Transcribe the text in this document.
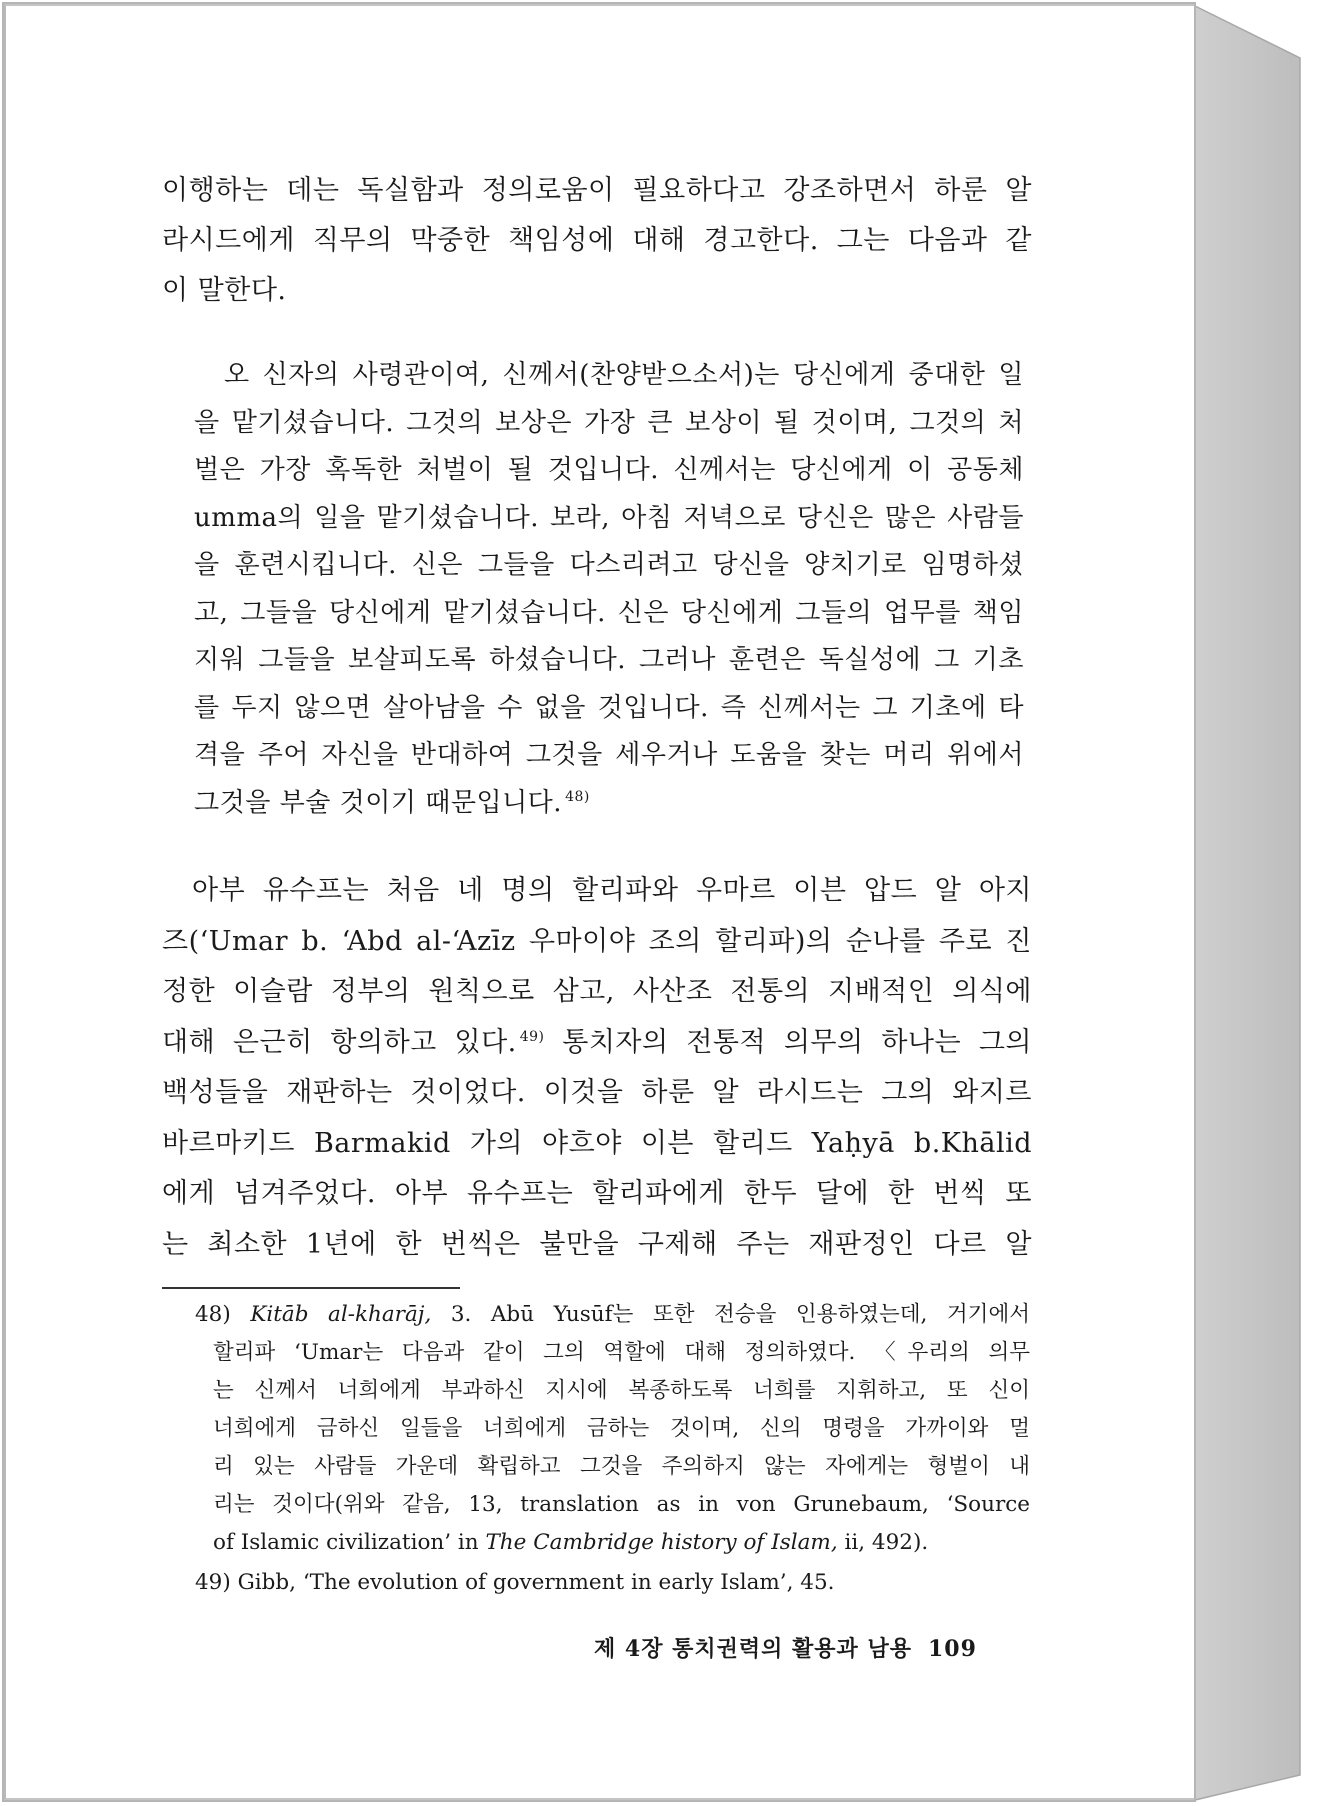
이행하는 데는 독실함과 정의로움이 필요하다고 강조하면서 하룬 알
라시드에게 직무의 막중한 책임성에 대해 경고한다. 그는 다음과 같
이 말한다.

오 신자의 사령관이여, 신께서(찬양받으소서)는 당신에게 중대한 일
을 맡기셨습니다. 그것의 보상은 가장 큰 보상이 될 것이며, 그것의 처
벌은 가장 혹독한 처벌이 될 것입니다. 신께서는 당신에게 이 공동체
umma의 일을 맡기셨습니다. 보라, 아침 저녁으로 당신은 많은 사람들
을 훈련시킵니다. 신은 그들을 다스리려고 당신을 양치기로 임명하셨
고, 그들을 당신에게 맡기셨습니다. 신은 당신에게 그들의 업무를 책임
지워 그들을 보살피도록 하셨습니다. 그러나 훈련은 독실성에 그 기초
를 두지 않으면 살아남을 수 없을 것입니다. 즉 신께서는 그 기초에 타
격을 주어 자신을 반대하여 그것을 세우거나 도움을 찾는 머리 위에서
그것을 부술 것이기 때문입니다. $^{48)}$

아부 유수프는 처음 네 명의 할리파와 우마르 이븐 압드 알 아지
즈(‘Umar b. ‘Abd al-‘Azīz 우마이야 조의 할리파)의 순나를 주로 진
정한 이슬람 정부의 원칙으로 삼고, 사산조 전통의 지배적인 의식에
대해 은근히 항의하고 있다. $^{49)}$ 통치자의 전통적 의무의 하나는 그의
백성들을 재판하는 것이었다. 이것을 하룬 알 라시드는 그의 와지르
바르마키드 Barmakid 가의 야흐야 이븐 할리드 Yaḥyā b.Khālid
에게 넘겨주었다. 아부 유수프는 할리파에게 한두 달에 한 번씩 또
는 최소한 1년에 한 번씩은 불만을 구제해 주는 재판정인 다르 알

48) Kitāb al-kharāj, 3. Abū Yusūf는 또한 전승을 인용하였는데, 거기에서
할리파 ‘Umar는 다음과 같이 그의 역할에 대해 정의하였다. 〈우리의 의무
는 신께서 너희에게 부과하신 지시에 복종하도록 너희를 지휘하고, 또 신이
너희에게 금하신 일들을 너희에게 금하는 것이며, 신의 명령을 가까이와 멀
리 있는 사람들 가운데 확립하고 그것을 주의하지 않는 자에게는 형벌이 내
리는 것이다(위와 같음, 13, translation as in von Grunebaum, ‘Source
of Islamic civilization’ in The Cambridge history of Islam, ii, 492).

49) Gibb, ‘The evolution of government in early Islam’, 45.

제 4장 통치권력의 활용과 남용 109
